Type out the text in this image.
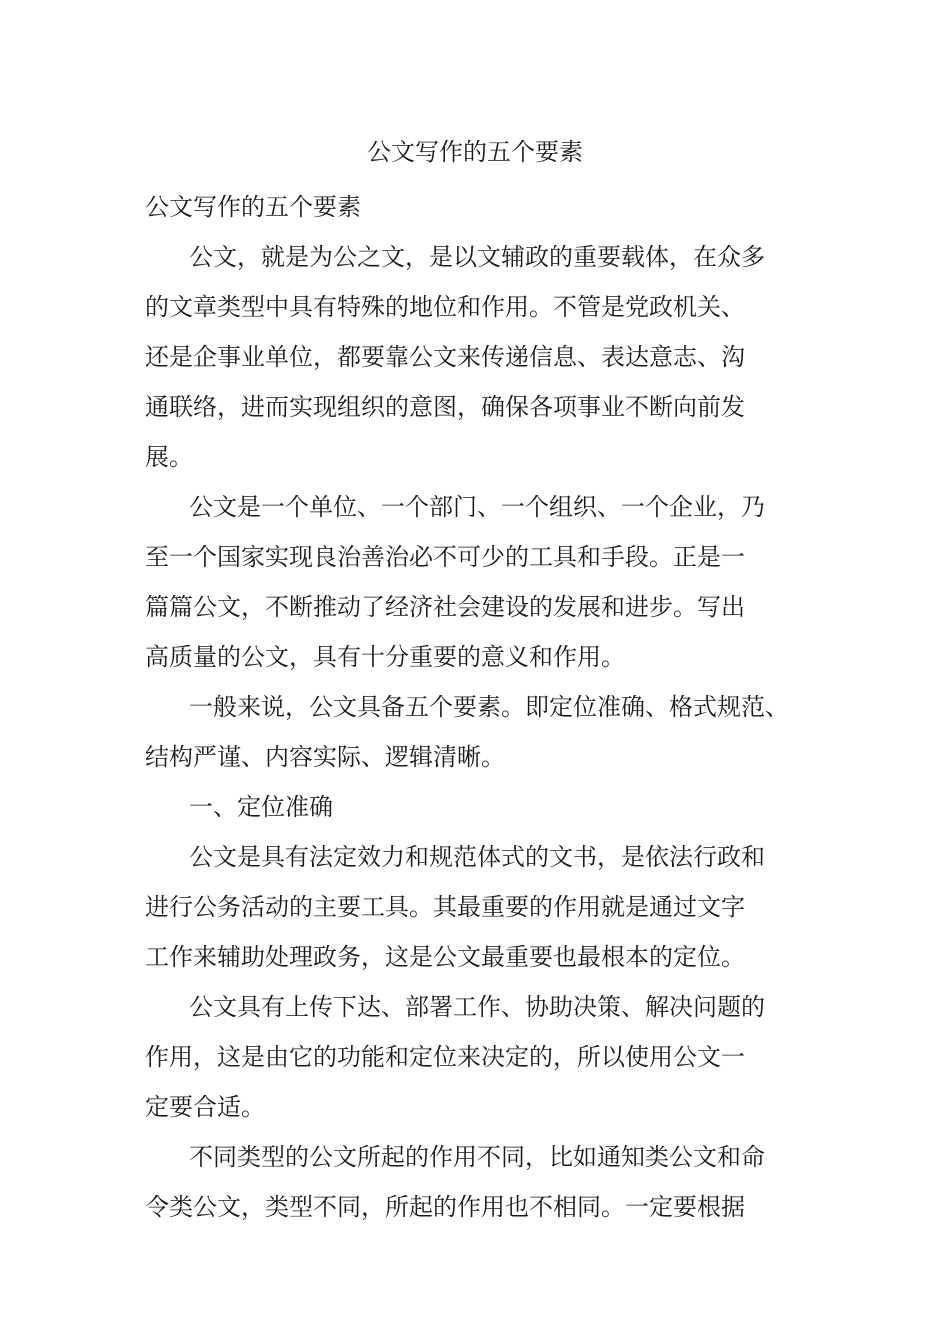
公文写作的五个要素

公文写作的五个要素

公文，就是为公之文，是以文辅政的重要载体，在众多
的文章类型中具有特殊的地位和作用。不管是党政机关、
还是企事业单位，都要靠公文来传递信息、表达意志、沟
通联络，进而实现组织的意图，确保各项事业不断向前发
展。

公文是一个单位、一个部门、一个组织、一个企业，乃
至一个国家实现良治善治必不可少的工具和手段。正是一
篇篇公文，不断推动了经济社会建设的发展和进步。写出
高质量的公文，具有十分重要的意义和作用。

一般来说，公文具备五个要素。即定位准确、格式规范、
结构严谨、内容实际、逻辑清晰。

一、定位准确

公文是具有法定效力和规范体式的文书，是依法行政和
进行公务活动的主要工具。其最重要的作用就是通过文字
工作来辅助处理政务，这是公文最重要也最根本的定位。

公文具有上传下达、部署工作、协助决策、解决问题的
作用，这是由它的功能和定位来决定的，所以使用公文一
定要合适。

不同类型的公文所起的作用不同，比如通知类公文和命
令类公文，类型不同，所起的作用也不相同。一定要根据
